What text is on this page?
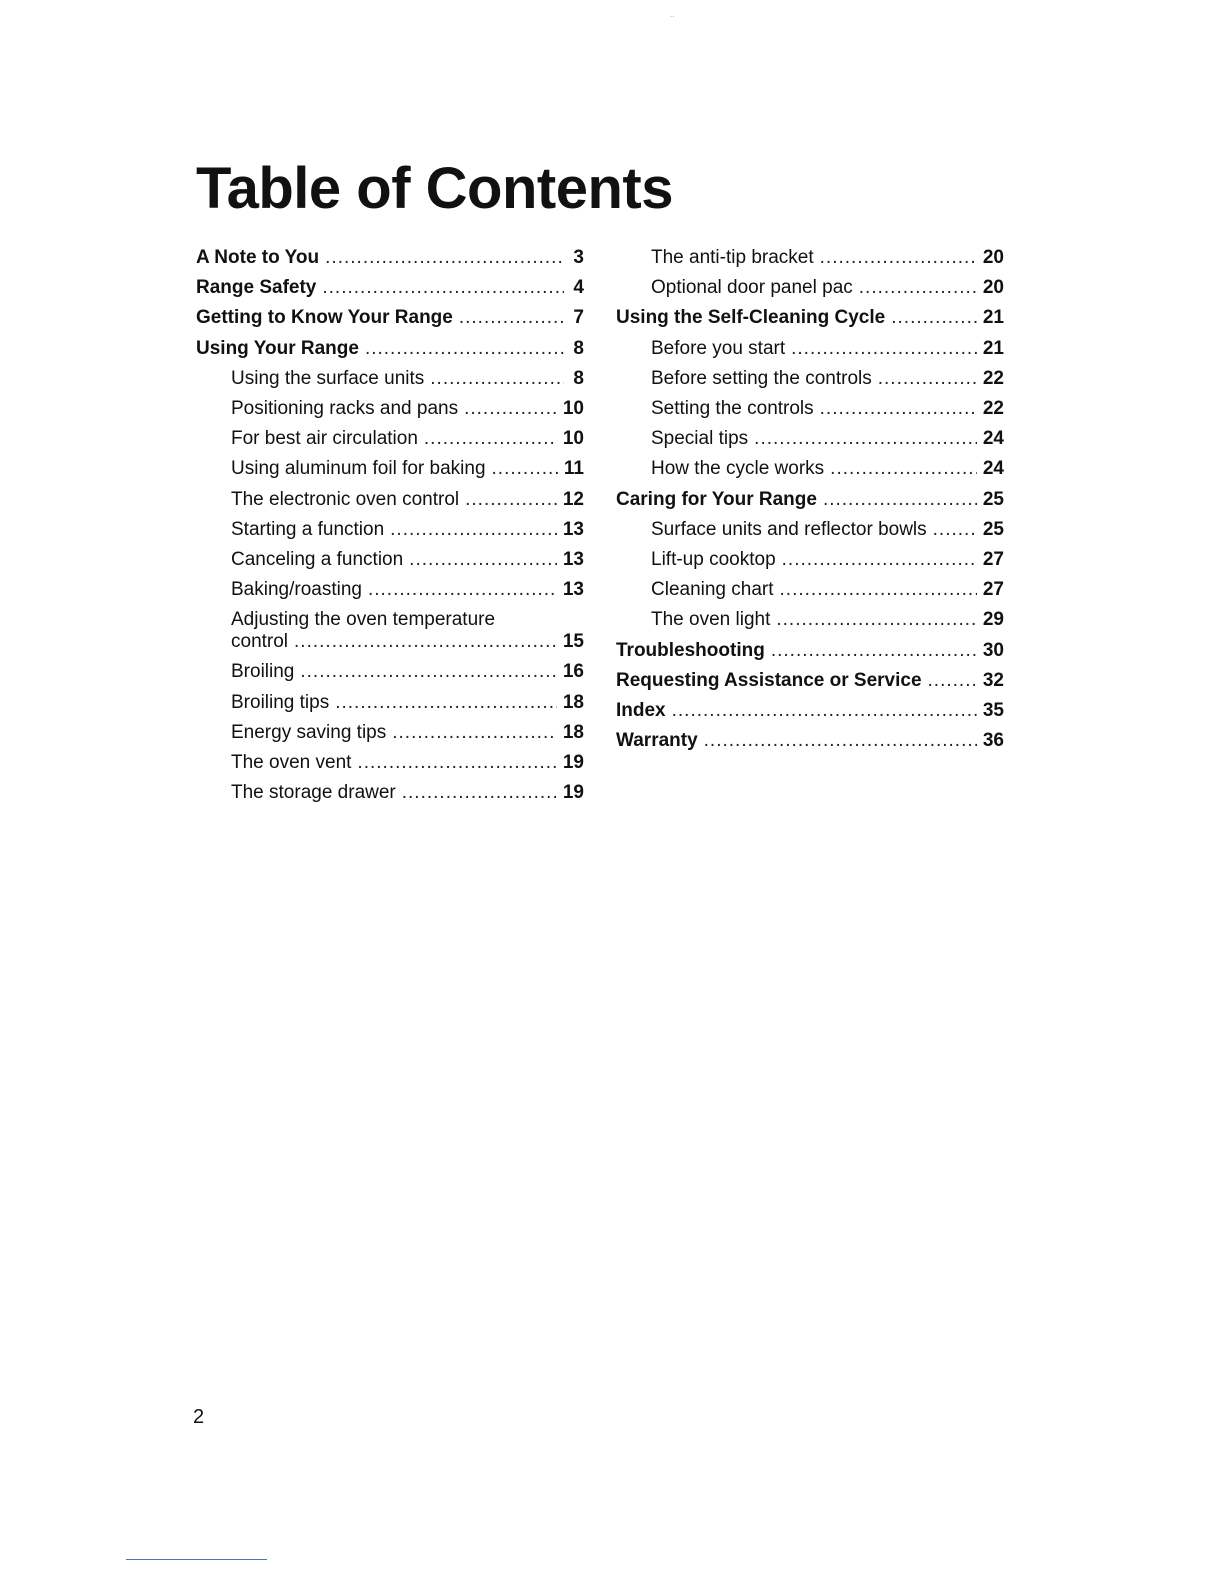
..
Table of Contents
A Note to You .....	3
Range Safety .....	4
Getting to Know Your Range .....	7
Using Your Range .....	8
Using the surface units .....	8
Positioning racks and pans .....	10
For best air circulation .....	10
Using aluminum foil for baking .....	11
The electronic oven control .....	12
Starting a function .....	13
Canceling a function .....	13
Baking/roasting .....	13
Adjusting the oven temperature
control .....	15
Broiling .....	16
Broiling tips .....	18
Energy saving tips .....	18
The oven vent .....	19
The storage drawer .....	19
The anti-tip bracket .....	20
Optional door panel pac .....	20
Using the Self-Cleaning Cycle .....	21
Before you start .....	21
Before setting the controls .....	22
Setting the controls .....	22
Special tips .....	24
How the cycle works .....	24
Caring for Your Range .....	25
Surface units and reflector bowls .....	25
Lift-up cooktop .....	27
Cleaning chart .....	27
The oven light .....	29
Troubleshooting .....	30
Requesting Assistance or Service .....	32
Index .....	35
Warranty .....	36

2
